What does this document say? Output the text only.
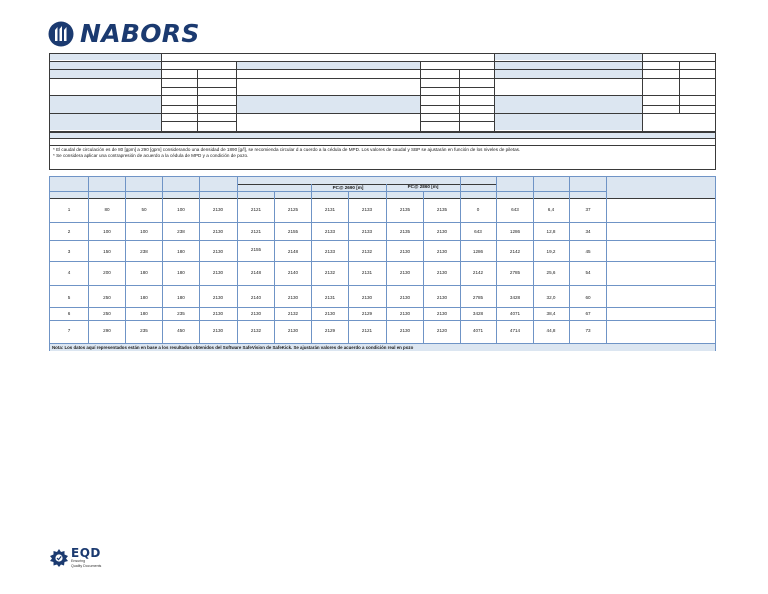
NABORS
* El caudal de circulación es de 80 [gpm] a 290 [gpm] considerando una densidad de 1890 [g/l], se recomienda circular d a cuerdo a la cédula de MPD. Los valores de caudal y SBP se ajustarán en función de los niveles de piletas.
* Se considera aplicar una contrapresión de acuerdo a la cédula de MPD y a condición de pozo.
PC@ 2690 [m]	PC@ 2860 [m]
1	80	50	100	2130	2121	2125	2131	2133	2135	2135	0	643	6,4	37
2	100	100	238	2130	2121	2155	2133	2133	2135	2130	643	1286	12,8	34
3	150	238	180	2130	2155	2148	2133	2132	2130	2130	1286	2142	19,2	45
4	200	180	180	2130	2148	2140	2132	2131	2130	2130	2142	2785	25,6	54
5	250	180	180	2130	2140	2130	2131	2130	2130	2130	2785	3428	32,0	60
6	250	180	235	2130	2130	2132	2130	2129	2130	2130	3428	4071	38,4	67
7	290	235	450	2130	2132	2130	2129	2121	2130	2120	4071	4714	44,8	73
Nota: Los datos aquí representados están en base a los resultados obtenidos del Software SafeVision de SafeKick. Se ajustarán valores de acuerdo a condición real en pozo
EQD
Ensuring
Quality Documents
